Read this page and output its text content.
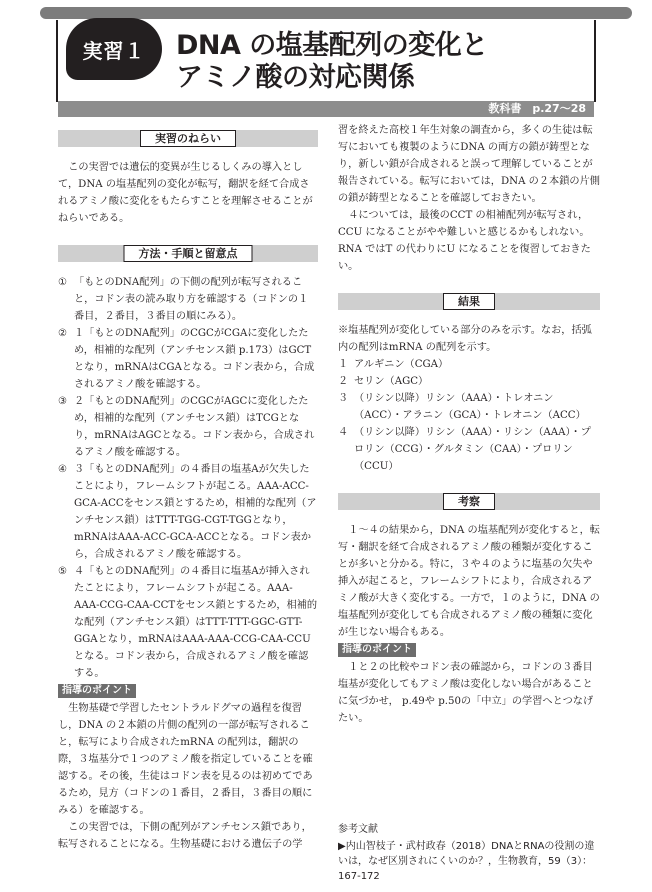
実習１	DNA の塩基配列の変化と
アミノ酸の対応関係
教科書　p.27～28
実習のねらい

この実習では遺伝的変異が生じるしくみの導入として，DNA の塩基配列の変化が転写，翻訳を経て合成されるアミノ酸に変化をもたらすことを理解させることがねらいである。

方法・手順と留意点
① 「もとのDNA配列」の下側の配列が転写されること，コドン表の読み取り方を確認する（コドンの１番目，２番目，３番目の順にみる）。
② １「もとのDNA配列」のCGCがCGAに変化したため，相補的な配列（アンチセンス鎖 p.173）はGCTとなり，mRNAはCGAとなる。コドン表から，合成されるアミノ酸を確認する。
③ ２「もとのDNA配列」のCGCがAGCに変化したため，相補的な配列（アンチセンス鎖）はTCGとなり，mRNAはAGCとなる。コドン表から，合成されるアミノ酸を確認する。
④ ３「もとのDNA配列」の４番目の塩基Aが欠失したことにより，フレームシフトが起こる。AAA-ACC-GCA-ACCをセンス鎖とするため，相補的な配列（アンチセンス鎖）はTTT-TGG-CGT-TGGとなり，mRNAはAAA-ACC-GCA-ACCとなる。コドン表から，合成されるアミノ酸を確認する。
⑤ ４「もとのDNA配列」の４番目に塩基Aが挿入されたことにより，フレームシフトが起こる。AAA-AAA-CCG-CAA-CCTをセンス鎖とするため，相補的な配列（アンチセンス鎖）はTTT-TTT-GGC-GTT-GGAとなり，mRNAはAAA-AAA-CCG-CAA-CCUとなる。コドン表から，合成されるアミノ酸を確認する。
指導のポイント

生物基礎で学習したセントラルドグマの過程を復習し，DNA の２本鎖の片側の配列の一部が転写されること，転写により合成されたmRNA の配列は，翻訳の際，３塩基分で１つのアミノ酸を指定していることを確認する。その後，生徒はコドン表を見るのは初めてであるため，見方（コドンの１番目，２番目，３番目の順にみる）を確認する。

この実習では，下側の配列がアンチセンス鎖であり，転写されることになる。生物基礎における遺伝子の学

習を終えた高校１年生対象の調査から，多くの生徒は転写においても複製のようにDNA の両方の鎖が鋳型となり，新しい鎖が合成されると誤って理解していることが報告されている。転写においては，DNA の２本鎖の片側の鎖が鋳型となることを確認しておきたい。

４については，最後のCCT の相補配列が転写され，CCU になることがやや難しいと感じるかもしれない。RNA ではT の代わりにU になることを復習しておきたい。

結果

※塩基配列が変化している部分のみを示す。なお，括弧内の配列はmRNA の配列を示す。

１ アルギニン（CGA）
２ セリン（AGC）
３ （リシン以降）リシン（AAA）・トレオニン（ACC）・アラニン（GCA）・トレオニン（ACC）
４ （リシン以降）リシン（AAA）・リシン（AAA）・プロリン（CCG）・グルタミン（CAA）・プロリン（CCU）
考察

１～４の結果から，DNA の塩基配列が変化すると，転写・翻訳を経て合成されるアミノ酸の種類が変化することが多いと分かる。特に，３や４のように塩基の欠失や挿入が起こると，フレームシフトにより，合成されるアミノ酸が大きく変化する。一方で，１のように，DNA の塩基配列が変化しても合成されるアミノ酸の種類に変化が生じない場合もある。

指導のポイント

１と２の比較やコドン表の確認から，コドンの３番目塩基が変化してもアミノ酸は変化しない場合があることに気づかせ， p.49や p.50の「中立」の学習へとつなげたい。

参考文献
▶内山智枝子・武村政春（2018）DNAとRNAの役割の違いは，なぜ区別されにくいのか？，生物教育，59（3）：167-172
